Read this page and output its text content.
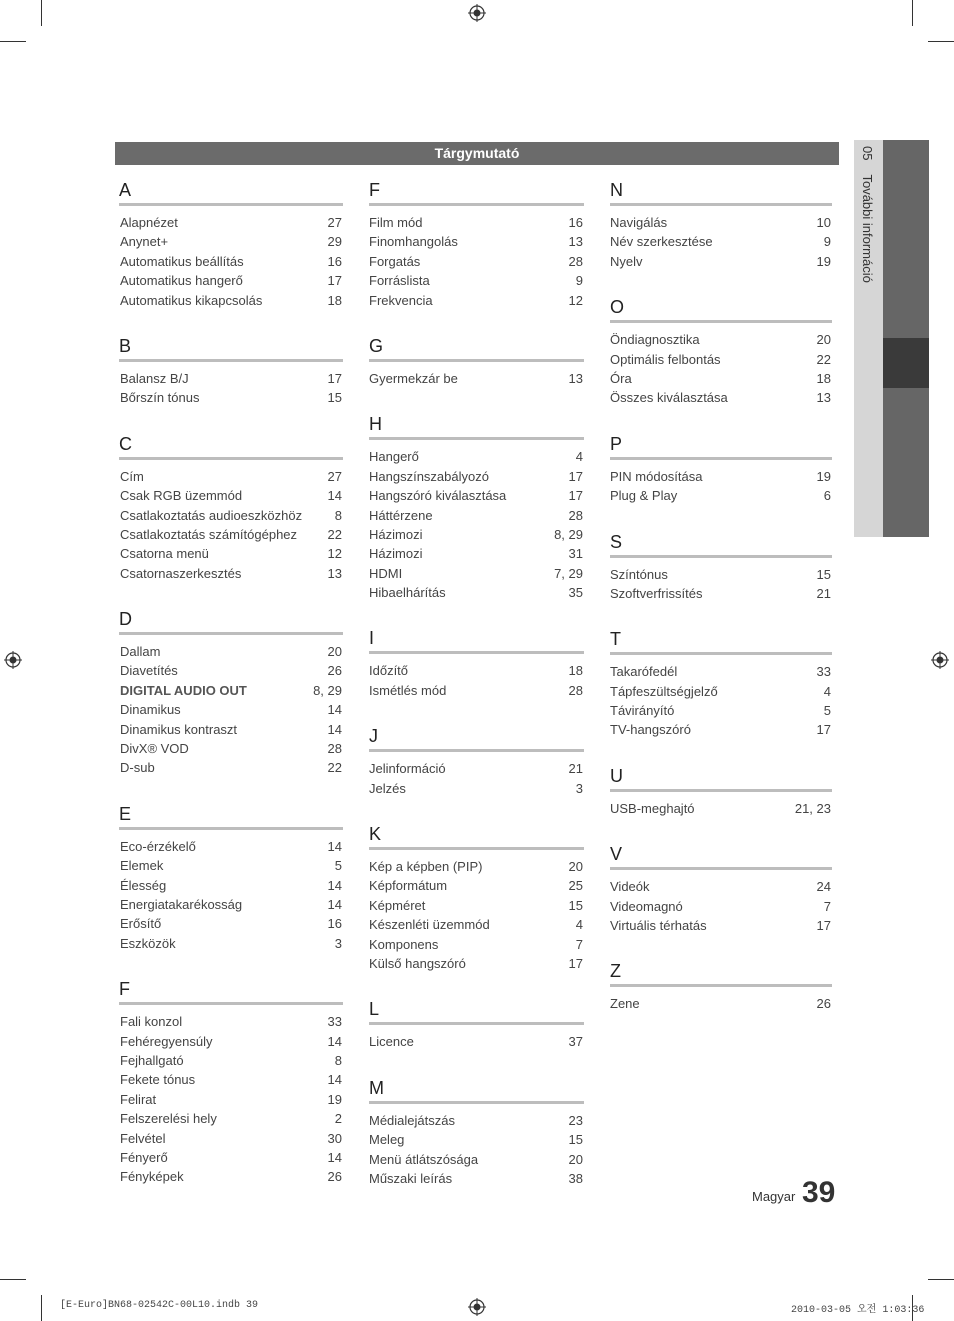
Tárgymutató	05További információ
A
Alapnézet	27
Anynet+	29
Automatikus beállítás	16
Automatikus hangerő	17
Automatikus kikapcsolás	18
B
Balansz B/J	17
Bőrszín tónus	15
C
Cím	27
Csak RGB üzemmód	14
Csatlakoztatás audioeszközhöz	8
Csatlakoztatás számítógéphez 22
Csatorna menü	12
Csatornaszerkesztés	13
D
Dallam	20
Diavetítés	26
DIGITAL AUDIO OUT	8, 29
Dinamikus	14
Dinamikus kontraszt	14
DivX® VOD	28
D-sub	22
E
Eco-érzékelő	14
Elemek	5
Élesség	14
Energiatakarékosság	14
Erősítő	16
Eszközök	3
F
Fali konzol	33
Fehéregyensúly	14
Fejhallgató	8
Fekete tónus	14
Felirat	19
Felszerelési hely	2
Felvétel	30
Fényerő	14
Fényképek	26
F
Film mód	16
Finomhangolás	13
Forgatás	28
Forráslista	9
Frekvencia	12
G
Gyermekzár be	13
H
Hangerő	4
Hangszínszabályozó	17
Hangszóró kiválasztása	17
Háttérzene	28
Házimozi	8, 29
Házimozi	31
HDMI	7, 29
Hibaelhárítás	35
I
Időzítő	18
Ismétlés mód	28
J
Jelinformáció	21
Jelzés	3
K
Kép a képben (PIP)	20
Képformátum	25
Képméret	15
Készenléti üzemmód	4
Komponens	7
Külső hangszóró	17
L
Licence	37
M
Médialejátszás	23
Meleg	15
Menü átlátszósága	20
Műszaki leírás	38
N
Navigálás	10
Név szerkesztése	9
Nyelv	19
O
Öndiagnosztika	20
Optimális felbontás	22
Óra	18
Összes kiválasztása	13
P
PIN módosítása	19
Plug & Play	6
S
Színtónus	15
Szoftverfrissítés	21
T
Takarófedél	33
Tápfeszültségjelző	4
Távirányító	5
TV-hangszóró	17
U
USB-meghajtó	21, 23
V
Videók	24
Videomagnó	7
Virtuális térhatás	17
Z
Zene	26
Magyar 39
[E-Euro]BN68-02542C-00L10.indb 39	2010-03-05 오전 1:03:36
